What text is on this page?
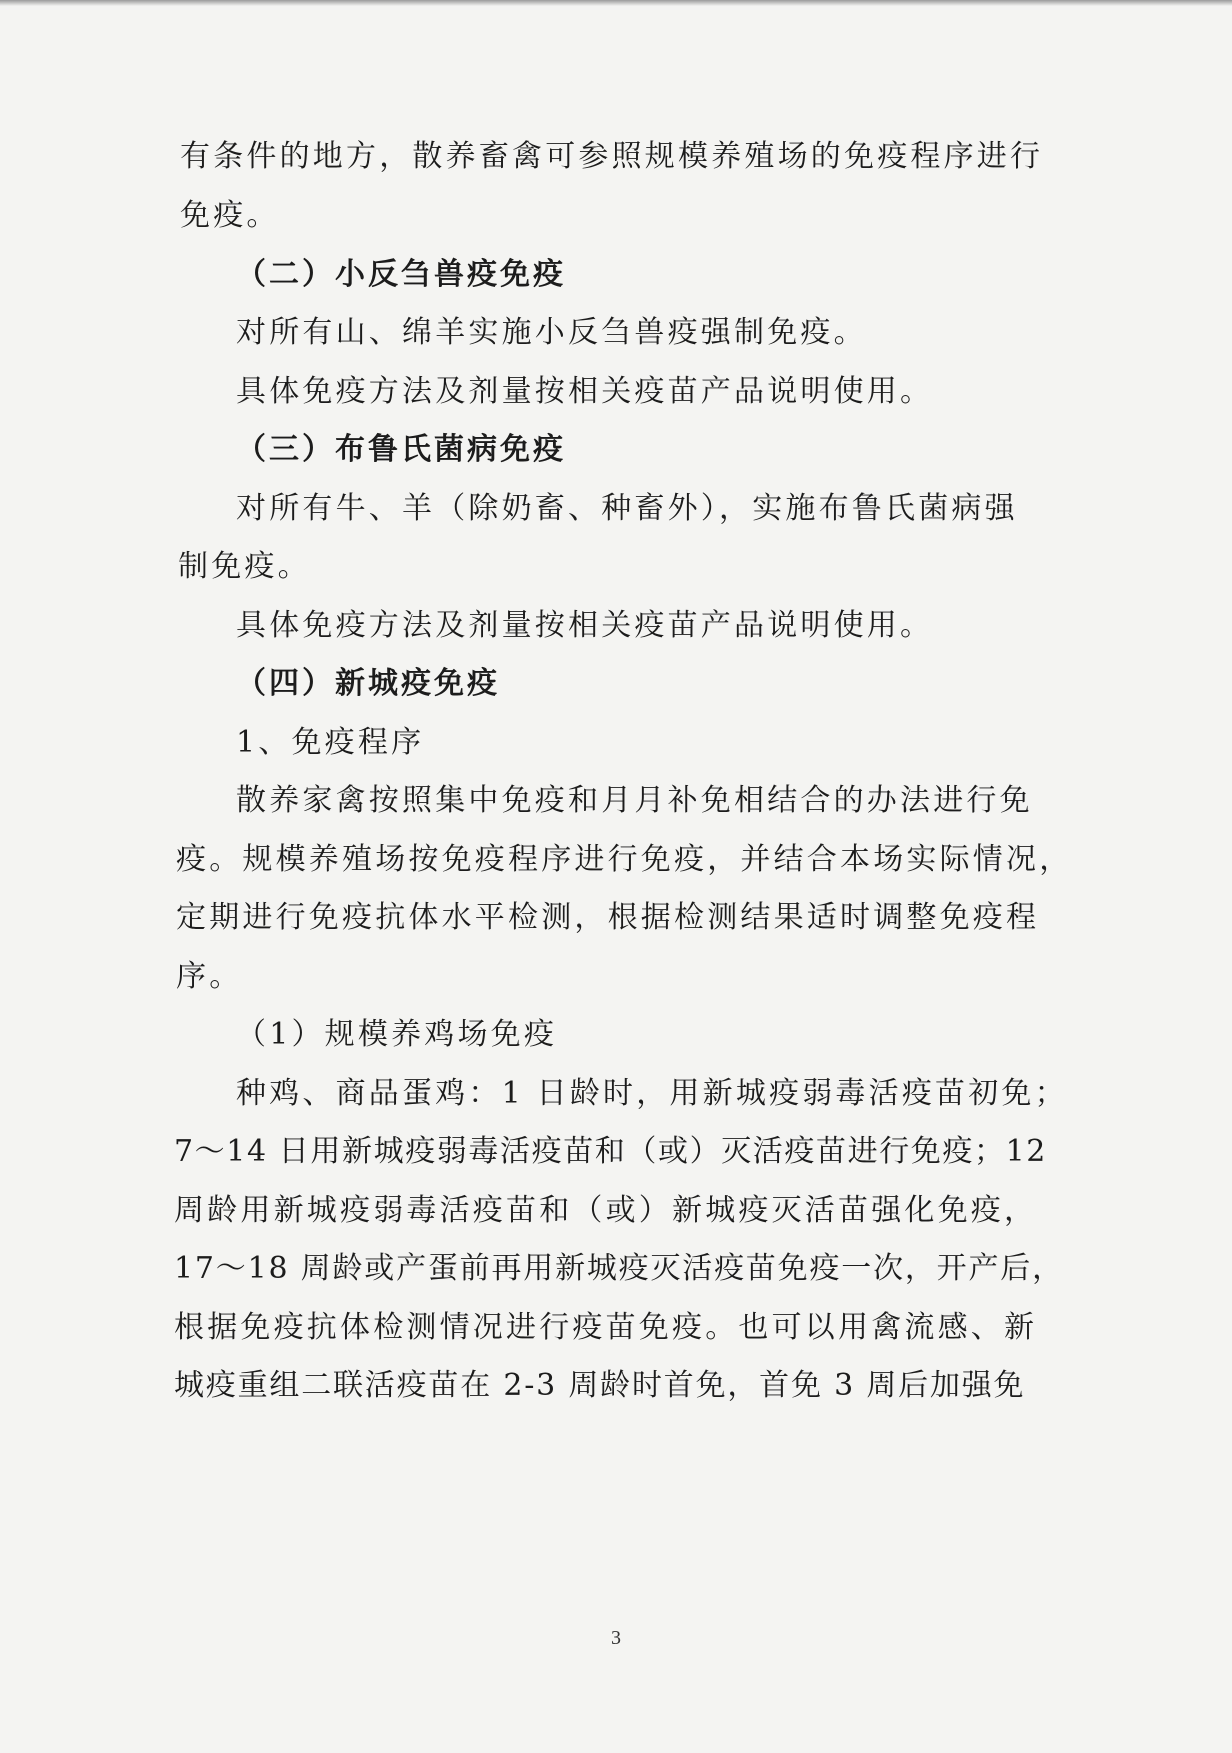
有条件的地方，散养畜禽可参照规模养殖场的免疫程序进行

免疫。

（二）小反刍兽疫免疫

对所有山、绵羊实施小反刍兽疫强制免疫。

具体免疫方法及剂量按相关疫苗产品说明使用。

（三）布鲁氏菌病免疫

对所有牛、羊（除奶畜、种畜外），实施布鲁氏菌病强

制免疫。

具体免疫方法及剂量按相关疫苗产品说明使用。

（四）新城疫免疫

1、免疫程序

散养家禽按照集中免疫和月月补免相结合的办法进行免

疫。规模养殖场按免疫程序进行免疫，并结合本场实际情况，

定期进行免疫抗体水平检测，根据检测结果适时调整免疫程

序。

（1）规模养鸡场免疫

种鸡、商品蛋鸡：1 日龄时，用新城疫弱毒活疫苗初免；

7～14 日用新城疫弱毒活疫苗和（或）灭活疫苗进行免疫；12

周龄用新城疫弱毒活疫苗和（或）新城疫灭活苗强化免疫，

17～18 周龄或产蛋前再用新城疫灭活疫苗免疫一次，开产后，

根据免疫抗体检测情况进行疫苗免疫。也可以用禽流感、新

城疫重组二联活疫苗在 2-3 周龄时首免，首免 3 周后加强免

3
